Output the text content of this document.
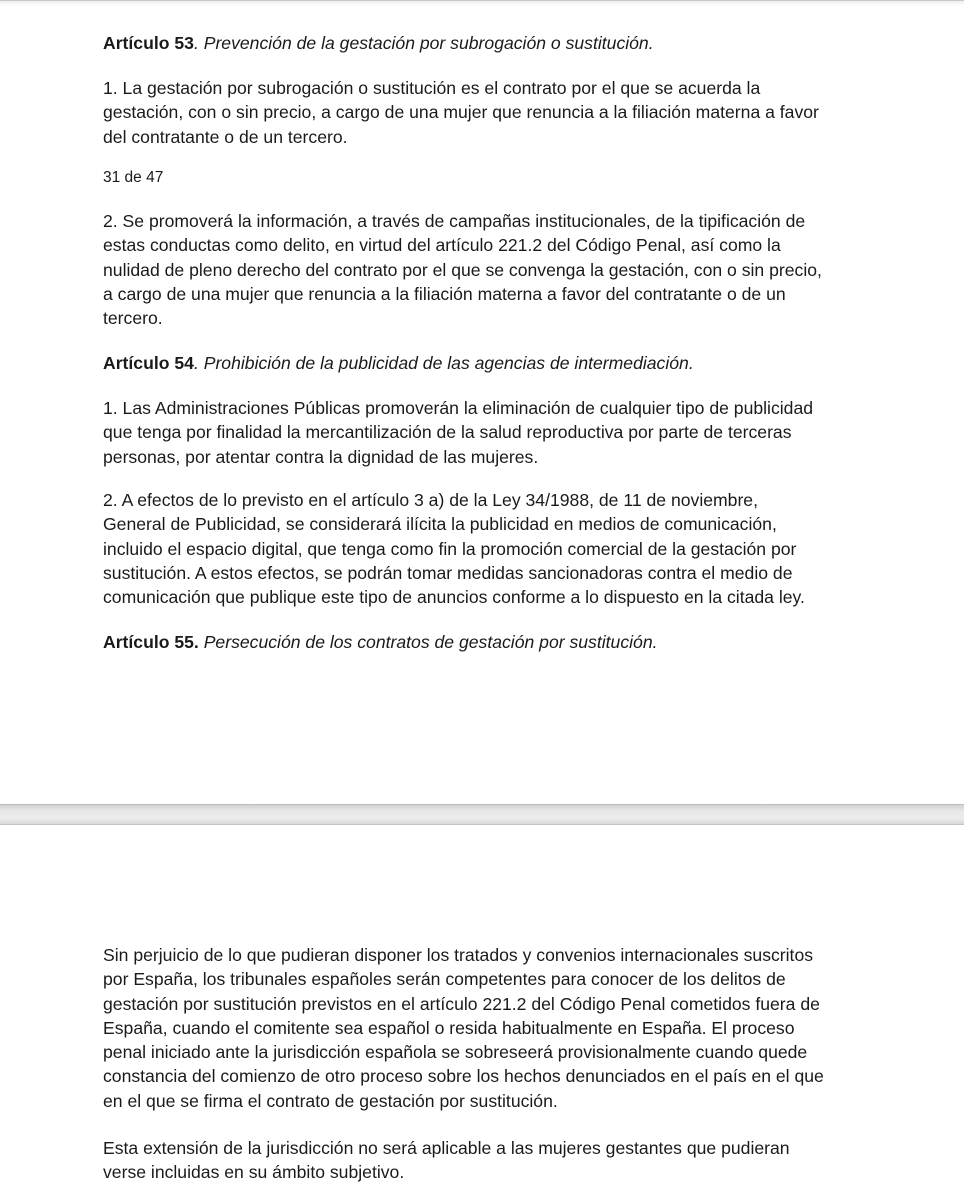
Artículo 53. Prevención de la gestación por subrogación o sustitución.

1. La gestación por subrogación o sustitución es el contrato por el que se acuerda la
gestación, con o sin precio, a cargo de una mujer que renuncia a la filiación materna a favor
del contratante o de un tercero.

31 de 47

2. Se promoverá la información, a través de campañas institucionales, de la tipificación de
estas conductas como delito, en virtud del artículo 221.2 del Código Penal, así como la
nulidad de pleno derecho del contrato por el que se convenga la gestación, con o sin precio,
a cargo de una mujer que renuncia a la filiación materna a favor del contratante o de un
tercero.

Artículo 54. Prohibición de la publicidad de las agencias de intermediación.

1. Las Administraciones Públicas promoverán la eliminación de cualquier tipo de publicidad
que tenga por finalidad la mercantilización de la salud reproductiva por parte de terceras
personas, por atentar contra la dignidad de las mujeres.

2. A efectos de lo previsto en el artículo 3 a) de la Ley 34/1988, de 11 de noviembre,
General de Publicidad, se considerará ilícita la publicidad en medios de comunicación,
incluido el espacio digital, que tenga como fin la promoción comercial de la gestación por
sustitución. A estos efectos, se podrán tomar medidas sancionadoras contra el medio de
comunicación que publique este tipo de anuncios conforme a lo dispuesto en la citada ley.

Artículo 55. Persecución de los contratos de gestación por sustitución.

Sin perjuicio de lo que pudieran disponer los tratados y convenios internacionales suscritos
por España, los tribunales españoles serán competentes para conocer de los delitos de
gestación por sustitución previstos en el artículo 221.2 del Código Penal cometidos fuera de
España, cuando el comitente sea español o resida habitualmente en España. El proceso
penal iniciado ante la jurisdicción española se sobreseerá provisionalmente cuando quede
constancia del comienzo de otro proceso sobre los hechos denunciados en el país en el que
en el que se firma el contrato de gestación por sustitución.

Esta extensión de la jurisdicción no será aplicable a las mujeres gestantes que pudieran
verse incluidas en su ámbito subjetivo.
